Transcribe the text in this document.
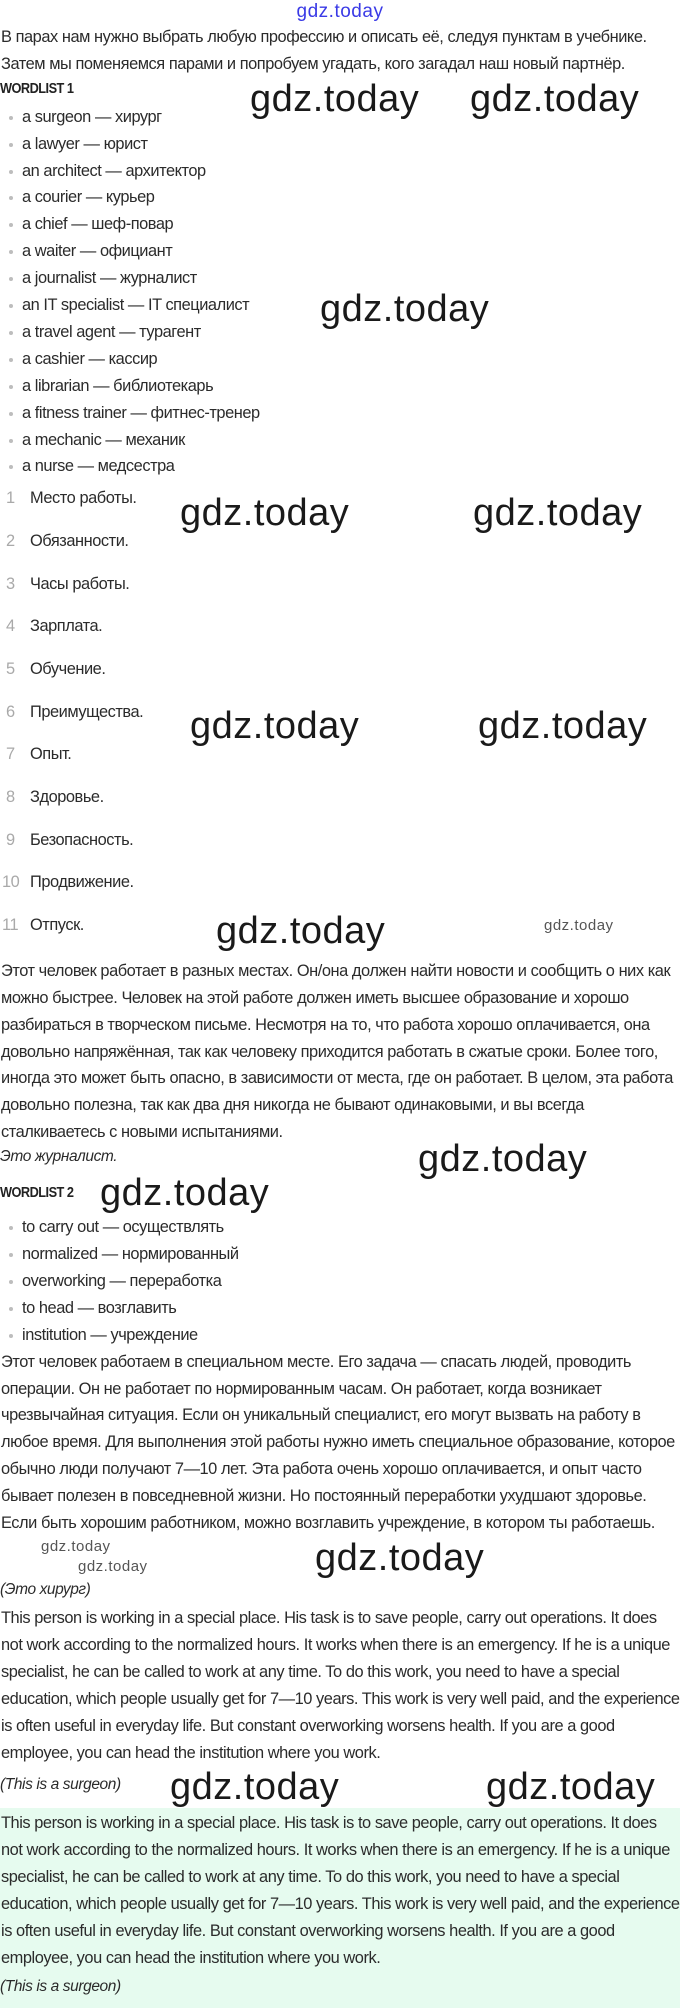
gdz.today

В парах нам нужно выбрать любую профессию и описать её, следуя пунктам в учебнике. Затем мы поменяемся парами и попробуем угадать, кого загадал наш новый партнёр.

WORDLIST 1	gdz.today gdz.today
a surgeon — хирург
a lawyer — юрист
an architect — архитектор
a courier — курьер
a chief — шеф-повар
a waiter — официант
a journalist — журналист
an IT specialist — IT специалист
a travel agent — турагент
a cashier — кассир
a librarian — библиотекарь
a fitness trainer — фитнес-тренер
a mechanic — механик
a nurse — медсестра
gdz.today
1 Место работы.
2 Обязанности.
3 Часы работы.
4 Зарплата.
5 Обучение.
6 Преимущества.
7 Опыт.
8 Здоровье.
9 Безопасность.
10 Продвижение.
11 Отпуск.
gdz.today	gdz.today
gdz.today	gdz.today
gdz.today	gdz.today

Этот человек работает в разных местах. Он/она должен найти новости и сообщить о них как можно быстрее. Человек на этой работе должен иметь высшее образование и хорошо разбираться в творческом письме. Несмотря на то, что работа хорошо оплачивается, она довольно напряжённая, так как человеку приходится работать в сжатые сроки. Более того, иногда это может быть опасно, в зависимости от места, где он работает. В целом, эта работа довольно полезна, так как два дня никогда не бывают одинаковыми, и вы всегда сталкиваетесь с новыми испытаниями.

Это журналист.	gdz.today
WORDLIST 2 gdz.today
to carry out — осуществлять
normalized — нормированный
overworking — переработка
to head — возглавить
institution — учреждение

Этот человек работаем в специальном месте. Его задача — спасать людей, проводить операции. Он не работает по нормированным часам. Он работает, когда возникает чрезвычайная ситуация. Если он уникальный специалист, его могут вызвать на работу в любое время. Для выполнения этой работы нужно иметь специальное образование, которое обычно люди получают 7—10 лет. Эта работа очень хорошо оплачивается, и опыт часто бывает полезен в повседневной жизни. Но постоянный переработки ухудшают здоровье. Если быть хорошим работником, можно возглавить учреждение, в котором ты работаешь.

gdz.today
gdz.today	gdz.today
(Это хирург)

This person is working in a special place. His task is to save people, carry out operations. It does not work according to the normalized hours. It works when there is an emergency. If he is a unique specialist, he can be called to work at any time. To do this work, you need to have a special education, which people usually get for 7—10 years. This work is very well paid, and the experience is often useful in everyday life. But constant overworking worsens health. If you are a good employee, you can head the institution where you work.

(This is a surgeon)	gdz.today	gdz.today

This person is working in a special place. His task is to save people, carry out operations. It does not work according to the normalized hours. It works when there is an emergency. If he is a unique specialist, he can be called to work at any time. To do this work, you need to have a special education, which people usually get for 7—10 years. This work is very well paid, and the experience is often useful in everyday life. But constant overworking worsens health. If you are a good employee, you can head the institution where you work.

(This is a surgeon)
